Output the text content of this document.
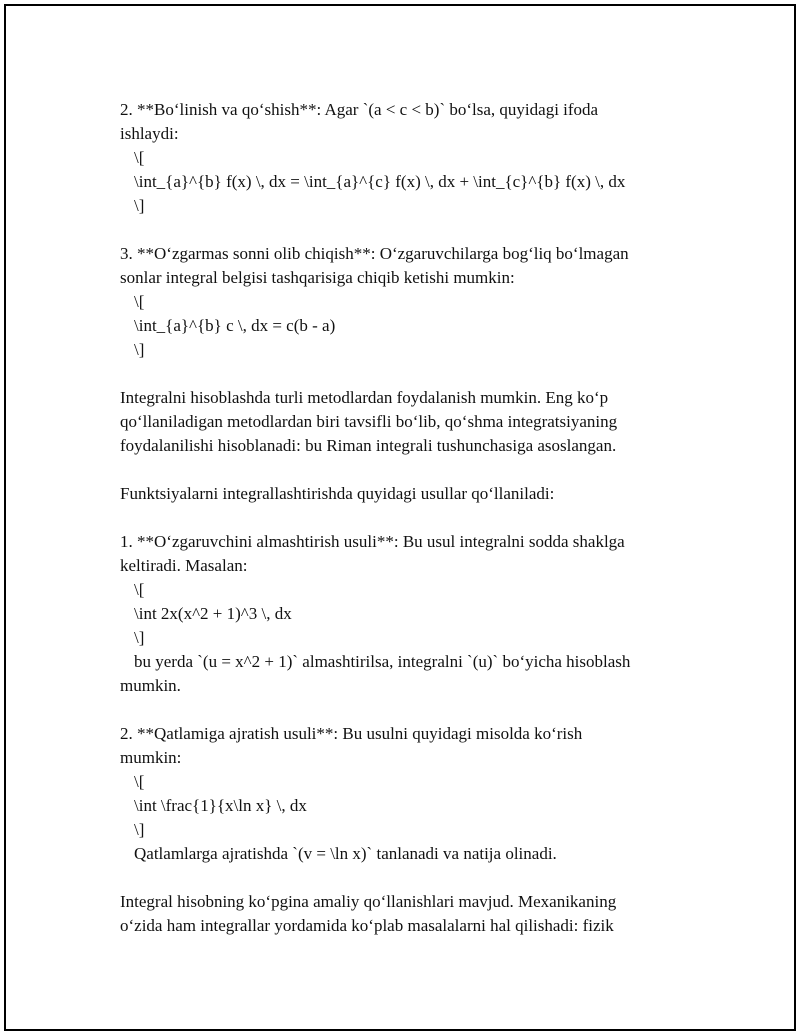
2. **Bo‘linish va qo‘shish**: Agar `(a < c < b)` bo‘lsa, quyidagi ifoda
ishlaydi:
\[
\int_{a}^{b} f(x) \, dx = \int_{a}^{c} f(x) \, dx + \int_{c}^{b} f(x) \, dx
\]
3. **O‘zgarmas sonni olib chiqish**: O‘zgaruvchilarga bog‘liq bo‘lmagan
sonlar integral belgisi tashqarisiga chiqib ketishi mumkin:
\[
\int_{a}^{b} c \, dx = c(b - a)
\]
Integralni hisoblashda turli metodlardan foydalanish mumkin. Eng ko‘p
qo‘llaniladigan metodlardan biri tavsifli bo‘lib, qo‘shma integratsiyaning
foydalanilishi hisoblanadi: bu Riman integrali tushunchasiga asoslangan.
Funktsiyalarni integrallashtirishda quyidagi usullar qo‘llaniladi:
1. **O‘zgaruvchini almashtirish usuli**: Bu usul integralni sodda shaklga
keltiradi. Masalan:
\[
\int 2x(x^2 + 1)^3 \, dx
\]
bu yerda `(u = x^2 + 1)` almashtirilsa, integralni `(u)` bo‘yicha hisoblash
mumkin.
2. **Qatlamiga ajratish usuli**: Bu usulni quyidagi misolda ko‘rish
mumkin:
\[
\int \frac{1}{x\ln x} \, dx
\]
Qatlamlarga ajratishda `(v = \ln x)` tanlanadi va natija olinadi.
Integral hisobning ko‘pgina amaliy qo‘llanishlari mavjud. Mexanikaning
o‘zida ham integrallar yordamida ko‘plab masalalarni hal qilishadi: fizik
